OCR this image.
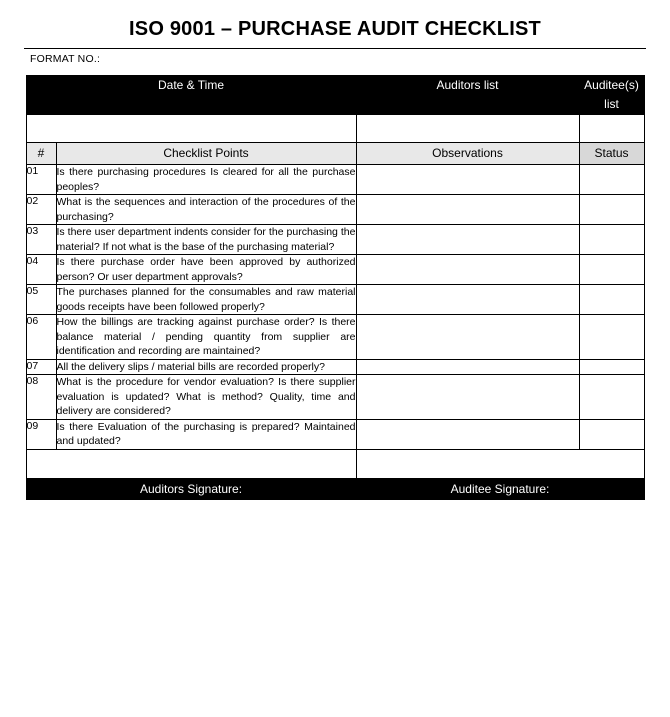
ISO 9001 – PURCHASE AUDIT CHECKLIST
FORMAT NO.:
Date & Time		Auditors list	Auditee(s) list

#	Checklist Points	Observations	Status
01	Is there purchasing procedures Is cleared for all the purchase peoples?		
02	What is the sequences and interaction of the procedures of the purchasing?		
03	Is there user department indents consider for the purchasing the material? If not what is the base of the purchasing material?		
04	Is there purchase order have been approved by authorized person? Or user department approvals?		
05	The purchases planned for the consumables and raw material goods receipts have been followed properly?		
06	How the billings are tracking against purchase order? Is there balance material / pending quantity from supplier are identification and recording are maintained?		
07	All the delivery slips / material bills are recorded properly?		
08	What is the procedure for vendor evaluation? Is there supplier evaluation is updated? What is method? Quality, time and delivery are considered?		
09	Is there Evaluation of the purchasing is prepared? Maintained and updated?		

Auditors Signature:		Auditee Signature:	
